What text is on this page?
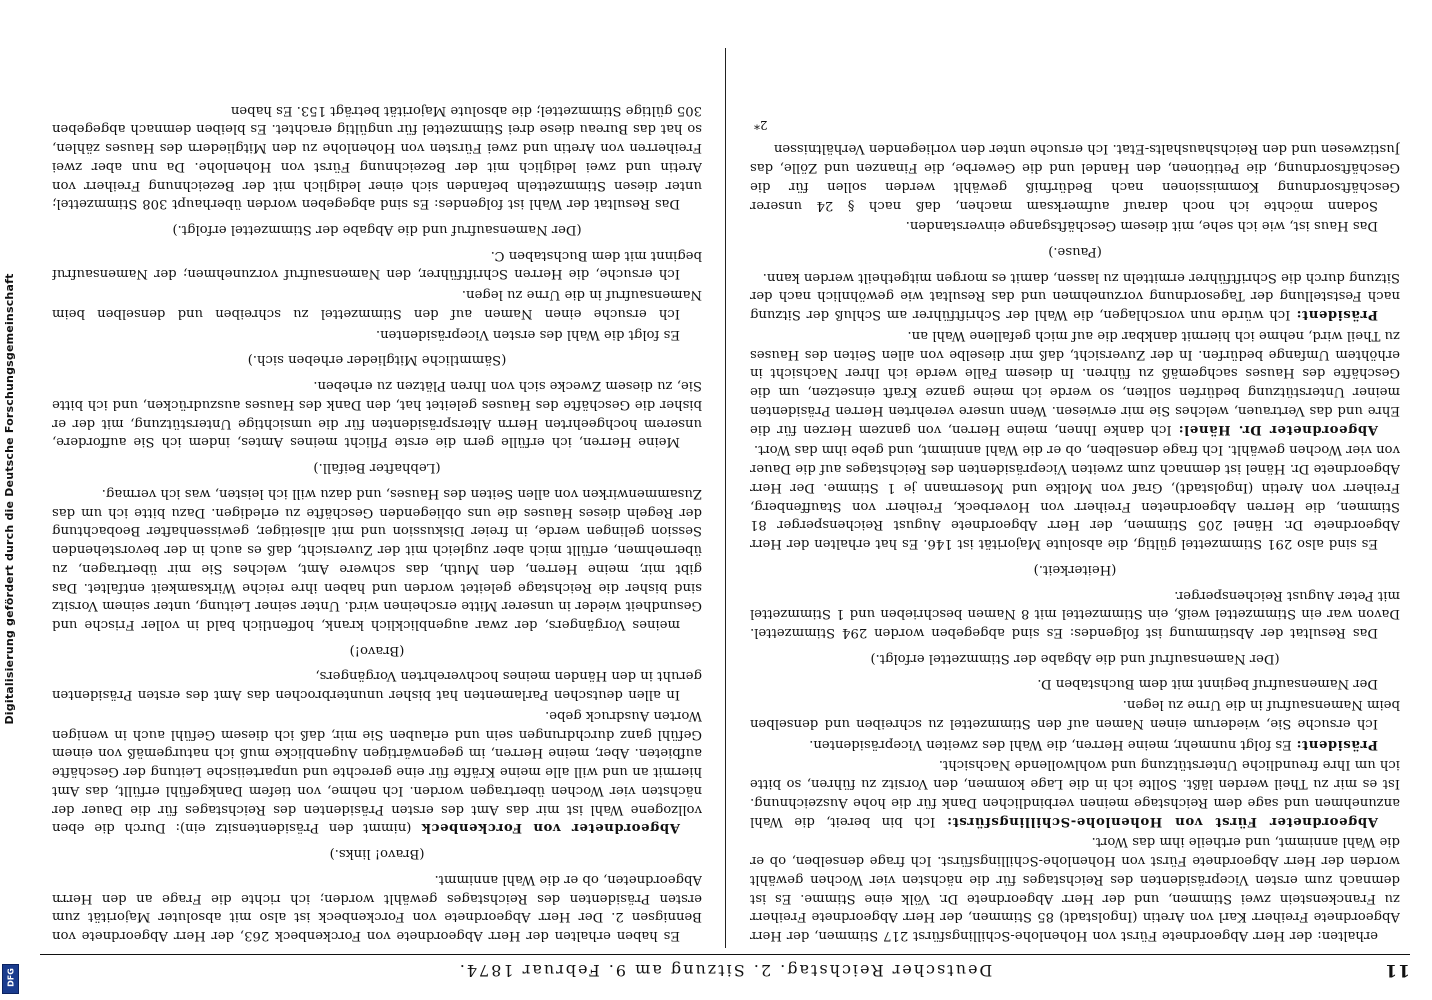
Digitalisierung gefördert durch die Deutsche Forschungsgemeinschaft
DFG	11
Deutscher Reichstag. 2. Sitzung am 9. Februar 1874.

erhalten: der Herr Abgeordnete Fürst von Hohenlohe-Schillingsfürst 217 Stimmen, der Herr Abgeordnete Freiherr Karl von Aretin (Ingolstadt) 85 Stimmen, der Herr Abgeordnete Freiherr zu Franckenstein zwei Stimmen, und der Herr Abgeordnete Dr. Völk eine Stimme. Es ist demnach zum ersten Vicepräsidenten des Reichstages für die nächsten vier Wochen gewählt worden der Herr Abgeordnete Fürst von Hohenlohe-Schillingsfürst. Ich frage denselben, ob er die Wahl annimmt, und ertheile ihm das Wort.

Abgeordneter Fürst von Hohenlohe-Schillingsfürst: Ich bin bereit, die Wahl anzunehmen und sage dem Reichstage meinen verbindlichen Dank für die hohe Auszeichnung. Ist es mir zu Theil werden läßt. Sollte ich in die Lage kommen, den Vorsitz zu führen, so bitte ich um Ihre freundliche Unterstützung und wohlwollende Nachsicht.

Präsident: Es folgt nunmehr, meine Herren, die Wahl des zweiten Vicepräsidenten.

Ich ersuche Sie, wiederum einen Namen auf den Stimmzettel zu schreiben und denselben beim Namensaufruf in die Urne zu legen.

Der Namensaufruf beginnt mit dem Buchstaben D.

(Der Namensaufruf und die Abgabe der Stimmzettel erfolgt.)

Das Resultat der Abstimmung ist folgendes: Es sind abgegeben worden 294 Stimmzettel. Davon war ein Stimmzettel weiß, ein Stimmzettel mit 8 Namen beschrieben und 1 Stimmzettel mit Peter August Reichensperger.

(Heiterkeit.)

Es sind also 291 Stimmzettel gültig, die absolute Majorität ist 146. Es hat erhalten der Herr Abgeordnete Dr. Hänel 205 Stimmen, der Herr Abgeordnete August Reichensperger 81 Stimmen, die Herren Abgeordneten Freiherr von Hoverbeck, Freiherr von Stauffenberg, Freiherr von Aretin (Ingolstadt), Graf von Moltke und Mosermann je 1 Stimme. Der Herr Abgeordnete Dr. Hänel ist demnach zum zweiten Vicepräsidenten des Reichstages auf die Dauer von vier Wochen gewählt. Ich frage denselben, ob er die Wahl annimmt, und gebe ihm das Wort.

Abgeordneter Dr. Hänel: Ich danke Ihnen, meine Herren, von ganzem Herzen für die Ehre und das Vertrauen, welches Sie mir erwiesen. Wenn unsere verehrten Herren Präsidenten meiner Unterstützung bedürfen sollten, so werde ich meine ganze Kraft einsetzen, um die Geschäfte des Hauses sachgemäß zu führen. In diesem Falle werde ich Ihrer Nachsicht in erhöhtem Umfange bedürfen. In der Zuversicht, daß mir dieselbe von allen Seiten des Hauses zu Theil wird, nehme ich hiermit dankbar die auf mich gefallene Wahl an.

Präsident: Ich würde nun vorschlagen, die Wahl der Schriftführer am Schluß der Sitzung nach Feststellung der Tagesordnung vorzunehmen und das Resultat wie gewöhnlich nach der Sitzung durch die Schriftführer ermitteln zu lassen, damit es morgen mitgetheilt werden kann.

(Pause.)

Das Haus ist, wie ich sehe, mit diesem Geschäftsgange einverstanden.

Sodann möchte ich noch darauf aufmerksam machen, daß nach § 24 unserer Geschäftsordnung Kommissionen nach Bedürfniß gewählt werden sollen für die Geschäftsordnung, die Petitionen, den Handel und die Gewerbe, die Finanzen und Zölle, das Justizwesen und den Reichshaushalts-Etat. Ich ersuche unter den vorliegenden Verhältnissen

2*

Es haben erhalten der Herr Abgeordnete von Forckenbeck 263, der Herr Abgeordnete von Bennigsen 2. Der Herr Abgeordnete von Forckenbeck ist also mit absoluter Majorität zum ersten Präsidenten des Reichstages gewählt worden; ich richte die Frage an den Herrn Abgeordneten, ob er die Wahl annimmt.

(Bravo! links.)

Abgeordneter von Forckenbeck (nimmt den Präsidentensitz ein): Durch die eben vollzogene Wahl ist mir das Amt des ersten Präsidenten des Reichstages für die Dauer der nächsten vier Wochen übertragen worden. Ich nehme, von tiefem Dankgefühl erfüllt, das Amt hiermit an und will alle meine Kräfte für eine gerechte und unparteiische Leitung der Geschäfte aufbieten. Aber, meine Herren, im gegenwärtigen Augenblicke muß ich naturgemäß von einem Gefühl ganz durchdrungen sein und erlauben Sie mir, daß ich diesem Gefühl auch in wenigen Worten Ausdruck gebe.

In allen deutschen Parlamenten hat bisher ununterbrochen das Amt des ersten Präsidenten geruht in den Händen meines hochverehrten Vorgängers,

(Bravo!)

meines Vorgängers, der zwar augenblicklich krank, hoffentlich bald in voller Frische und Gesundheit wieder in unserer Mitte erscheinen wird. Unter seiner Leitung, unter seinem Vorsitz sind bisher die Reichstage geleitet worden und haben ihre reiche Wirksamkeit entfaltet. Das gibt mir, meine Herren, den Muth, das schwere Amt, welches Sie mir übertragen, zu übernehmen, erfüllt mich aber zugleich mit der Zuversicht, daß es auch in der bevorstehenden Session gelingen werde, in freier Diskussion und mit allseitiger, gewissenhafter Beobachtung der Regeln dieses Hauses die uns obliegenden Geschäfte zu erledigen. Dazu bitte ich um das Zusammenwirken von allen Seiten des Hauses, und dazu will ich leisten, was ich vermag.

(Lebhafter Beifall.)

Meine Herren, ich erfülle gern die erste Pflicht meines Amtes, indem ich Sie auffordere, unserem hochgeehrten Herrn Alterspräsidenten für die umsichtige Unterstützung, mit der er bisher die Geschäfte des Hauses geleitet hat, den Dank des Hauses auszudrücken, und ich bitte Sie, zu diesem Zwecke sich von Ihren Plätzen zu erheben.

(Sämmtliche Mitglieder erheben sich.)

Es folgt die Wahl des ersten Vicepräsidenten.

Ich ersuche einen Namen auf den Stimmzettel zu schreiben und denselben beim Namensaufruf in die Urne zu legen.

Ich ersuche, die Herren Schriftführer, den Namensaufruf vorzunehmen; der Namensaufruf beginnt mit dem Buchstaben C.

(Der Namensaufruf und die Abgabe der Stimmzettel erfolgt.)

Das Resultat der Wahl ist folgendes: Es sind abgegeben worden überhaupt 308 Stimmzettel; unter diesen Stimmzetteln befanden sich einer lediglich mit der Bezeichnung Freiherr von Aretin und zwei lediglich mit der Bezeichnung Fürst von Hohenlohe. Da nun aber zwei Freiherren von Aretin und zwei Fürsten von Hohenlohe zu den Mitgliedern des Hauses zählen, so hat das Bureau diese drei Stimmzettel für ungültig erachtet. Es bleiben demnach abgegeben 305 gültige Stimmzettel; die absolute Majorität beträgt 153. Es haben
